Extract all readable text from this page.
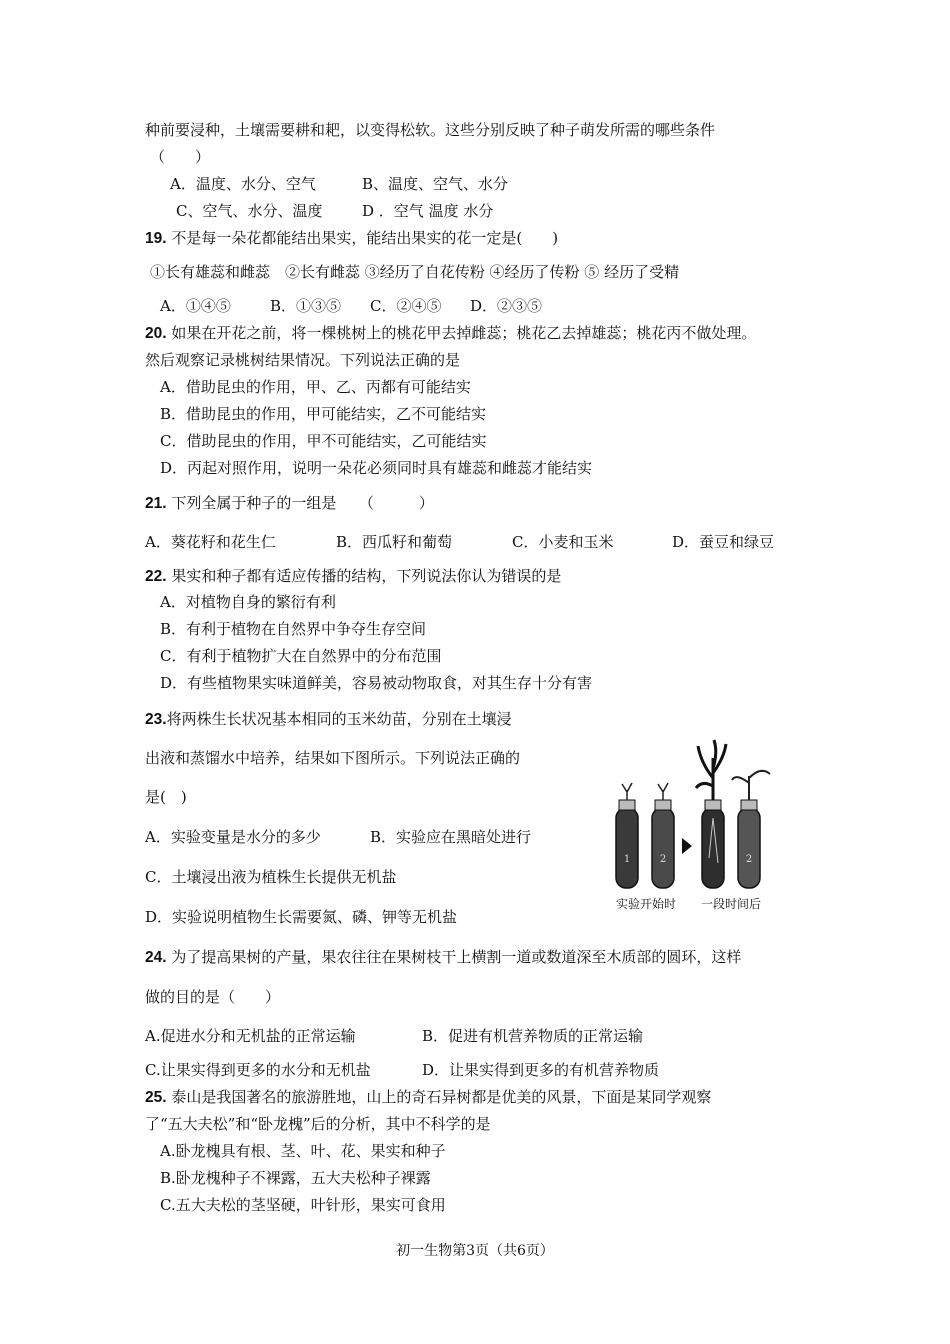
种前要浸种，土壤需要耕和耙，以变得松软。这些分别反映了种子萌发所需的哪些条件
（　　）
A．温度、水分、空气	B、温度、空气、水分
C、空气、水分、温度	D ．空气 温度 水分
19. 不是每一朵花都能结出果实，能结出果实的花一定是(　　)
①长有雄蕊和雌蕊　②长有雌蕊 ③经历了自花传粉 ④经历了传粉 ⑤ 经历了受精
A．①④⑤	B．①③⑤ C．②④⑤ D．②③⑤
20. 如果在开花之前，将一棵桃树上的桃花甲去掉雌蕊；桃花乙去掉雄蕊；桃花丙不做处理。
然后观察记录桃树结果情况。下列说法正确的是
A．借助昆虫的作用，甲、乙、丙都有可能结实
B．借助昆虫的作用，甲可能结实，乙不可能结实
C．借助昆虫的作用，甲不可能结实，乙可能结实
D．丙起对照作用，说明一朵花必须同时具有雄蕊和雌蕊才能结实
21. 下列全属于种子的一组是　　（　　　）
A．葵花籽和花生仁	B．西瓜籽和葡萄	C．小麦和玉米	D．蚕豆和绿豆
22. 果实和种子都有适应传播的结构，下列说法你认为错误的是
A．对植物自身的繁衍有利
B．有利于植物在自然界中争夺生存空间
C．有利于植物扩大在自然界中的分布范围
D．有些植物果实味道鲜美，容易被动物取食，对其生存十分有害
23.将两株生长状况基本相同的玉米幼苗，分别在土壤浸
出液和蒸馏水中培养，结果如下图所示。下列说法正确的
是(　)
A．实验变量是水分的多少	B．实验应在黑暗处进行
C．土壤浸出液为植株生长提供无机盐
D．实验说明植物生长需要氮、磷、钾等无机盐
1	2	2
实验开始时 一段时间后
24. 为了提高果树的产量，果农往往在果树枝干上横割一道或数道深至木质部的圆环，这样
做的目的是（　　）
A.促进水分和无机盐的正常运输	B．促进有机营养物质的正常运输
C.让果实得到更多的水分和无机盐	D．让果实得到更多的有机营养物质
25. 泰山是我国著名的旅游胜地，山上的奇石异树都是优美的风景，下面是某同学观察
了“五大夫松”和“卧龙槐”后的分析，其中不科学的是
A.卧龙槐具有根、茎、叶、花、果实和种子
B.卧龙槐种子不裸露，五大夫松种子裸露
C.五大夫松的茎坚硬，叶针形，果实可食用
初一生物第3页（共6页）
